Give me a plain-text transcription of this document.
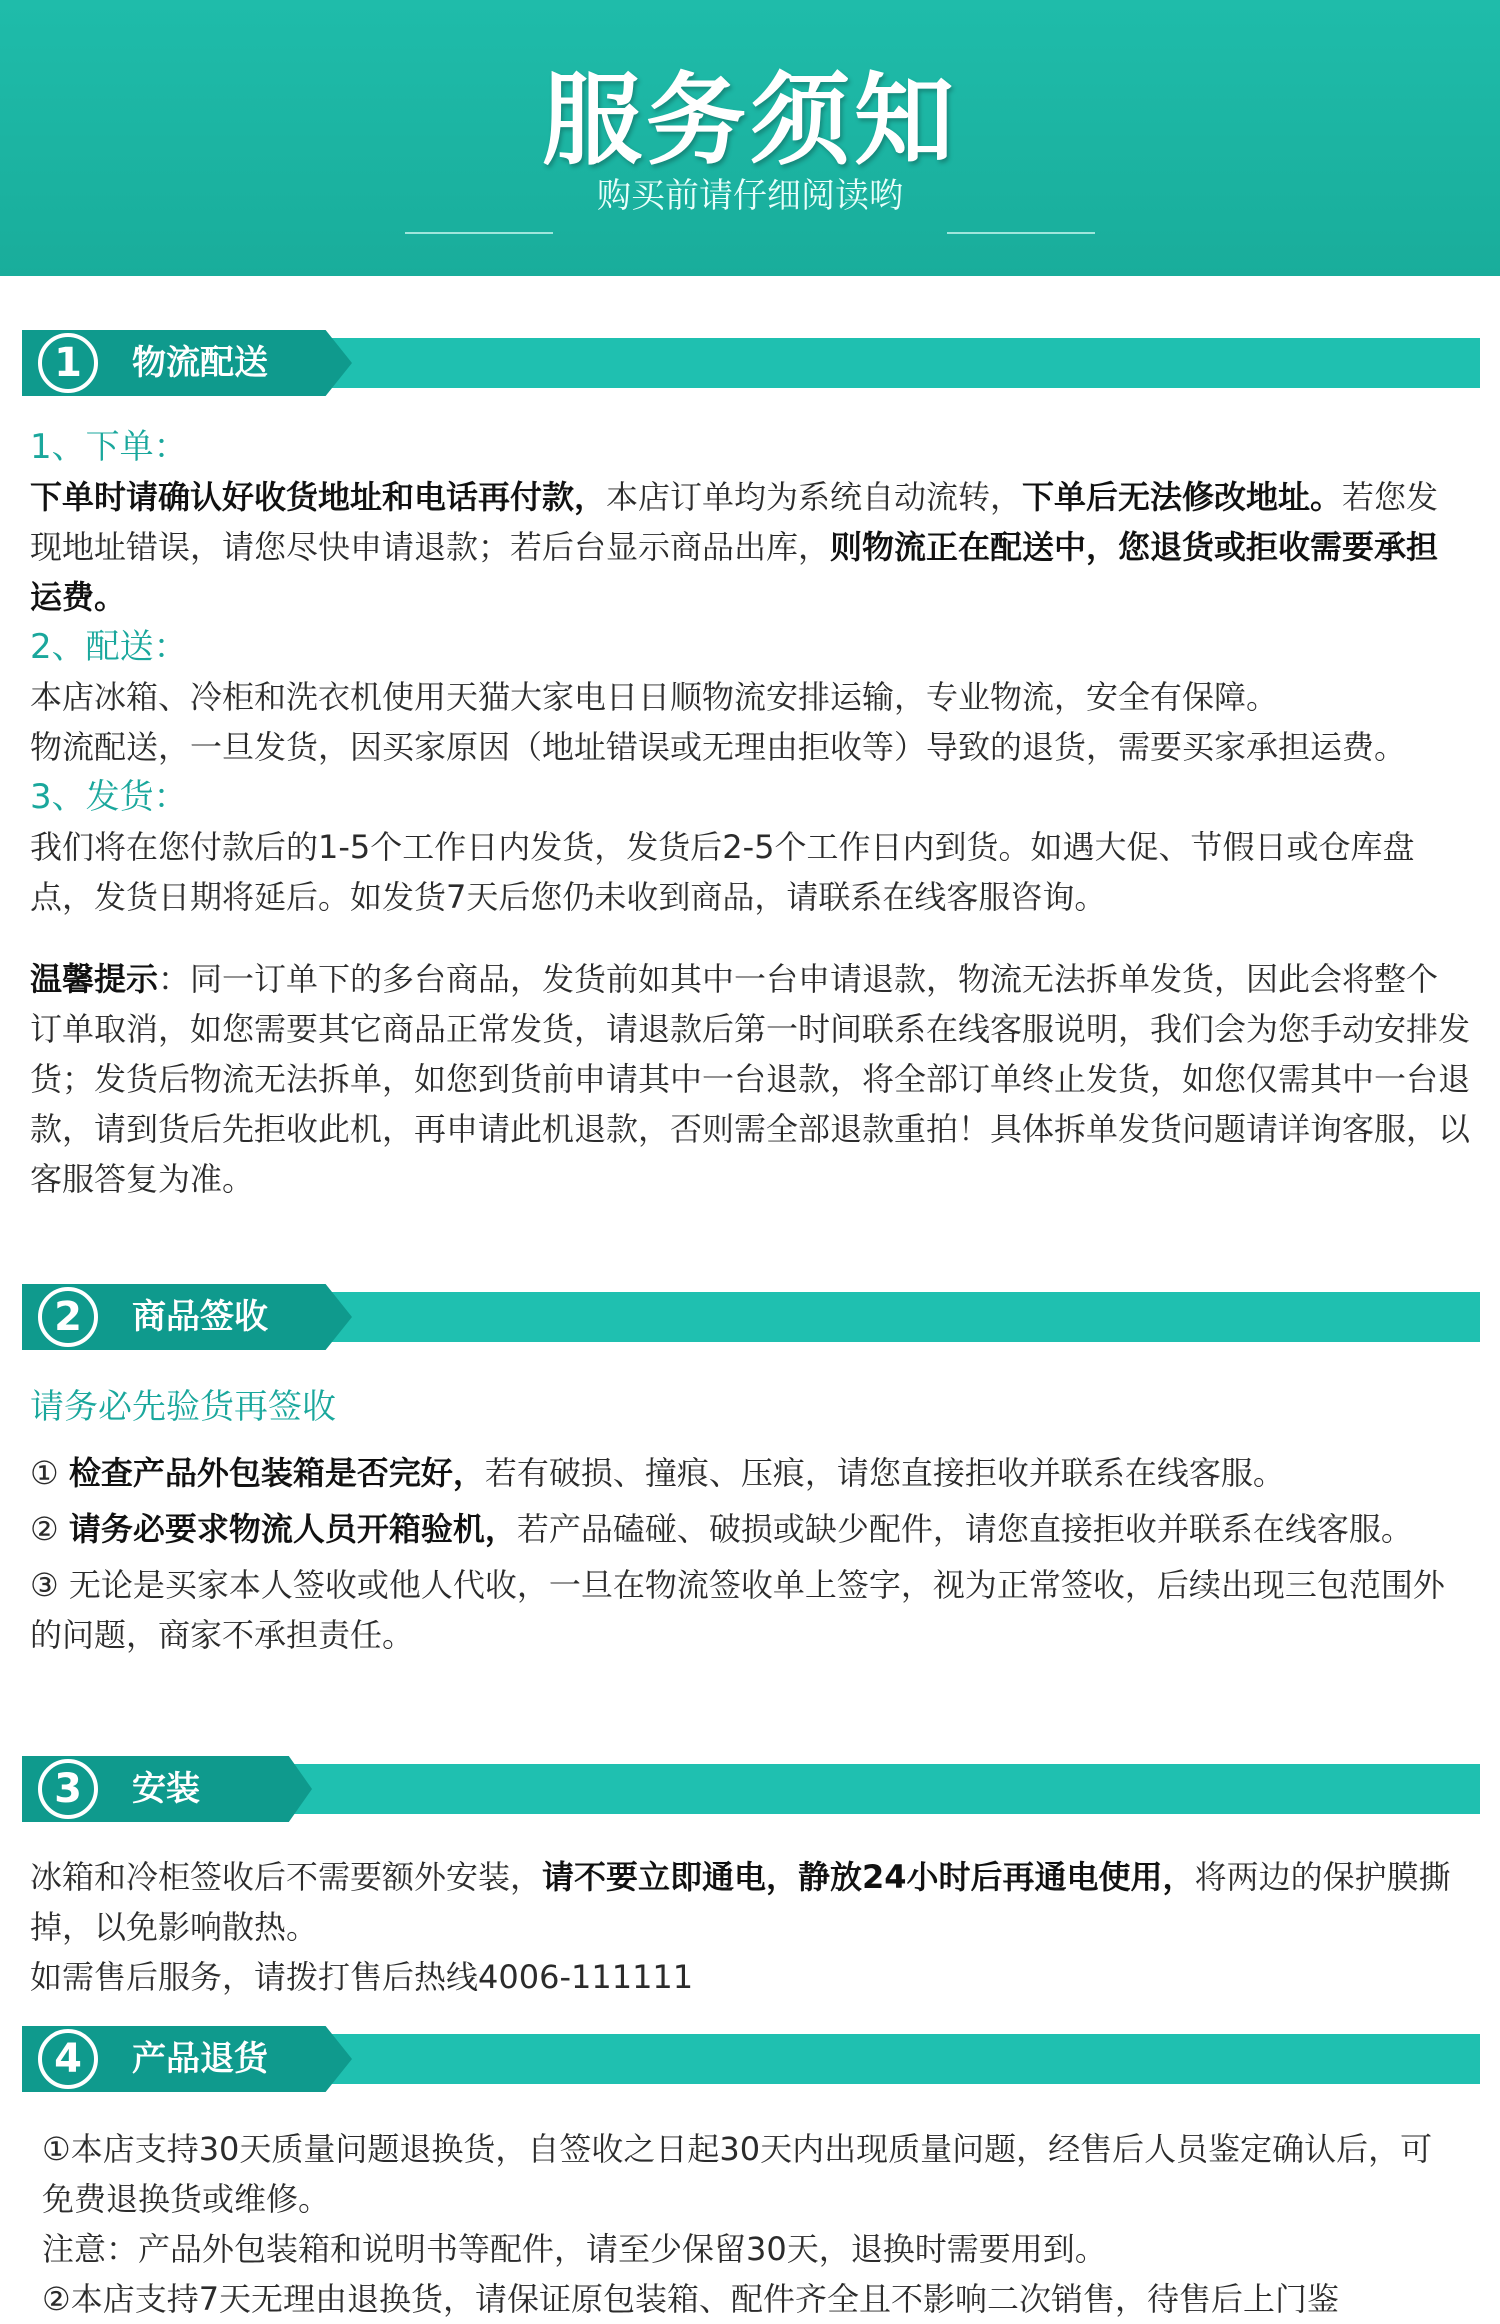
服务须知
购买前请仔细阅读哟
1	物流配送

1、下单：

下单时请确认好收货地址和电话再付款，本店订单均为系统自动流转，下单后无法修改地址。若您发现地址错误，请您尽快申请退款；若后台显示商品出库，则物流正在配送中，您退货或拒收需要承担运费。

2、配送：

本店冰箱、冷柜和洗衣机使用天猫大家电日日顺物流安排运输，专业物流，安全有保障。

物流配送，一旦发货，因买家原因（地址错误或无理由拒收等）导致的退货，需要买家承担运费。

3、发货：

我们将在您付款后的1-5个工作日内发货，发货后2-5个工作日内到货。如遇大促、节假日或仓库盘点，发货日期将延后。如发货7天后您仍未收到商品，请联系在线客服咨询。

温馨提示：同一订单下的多台商品，发货前如其中一台申请退款，物流无法拆单发货，因此会将整个订单取消，如您需要其它商品正常发货，请退款后第一时间联系在线客服说明，我们会为您手动安排发货；发货后物流无法拆单，如您到货前申请其中一台退款，将全部订单终止发货，如您仅需其中一台退款，请到货后先拒收此机，再申请此机退款，否则需全部退款重拍！具体拆单发货问题请详询客服，以客服答复为准。

2	商品签收

请务必先验货再签收

① 检查产品外包装箱是否完好，若有破损、撞痕、压痕，请您直接拒收并联系在线客服。

② 请务必要求物流人员开箱验机，若产品磕碰、破损或缺少配件，请您直接拒收并联系在线客服。

③ 无论是买家本人签收或他人代收，一旦在物流签收单上签字，视为正常签收，后续出现三包范围外的问题，商家不承担责任。

3	安装

冰箱和冷柜签收后不需要额外安装，请不要立即通电，静放24小时后再通电使用，将两边的保护膜撕掉，以免影响散热。

如需售后服务，请拨打售后热线4006-111111

4	产品退货

①本店支持30天质量问题退换货，自签收之日起30天内出现质量问题，经售后人员鉴定确认后，可免费退换货或维修。

注意：产品外包装箱和说明书等配件，请至少保留30天，退换时需要用到。

②本店支持7天无理由退换货，请保证原包装箱、配件齐全且不影响二次销售，待售后上门鉴
